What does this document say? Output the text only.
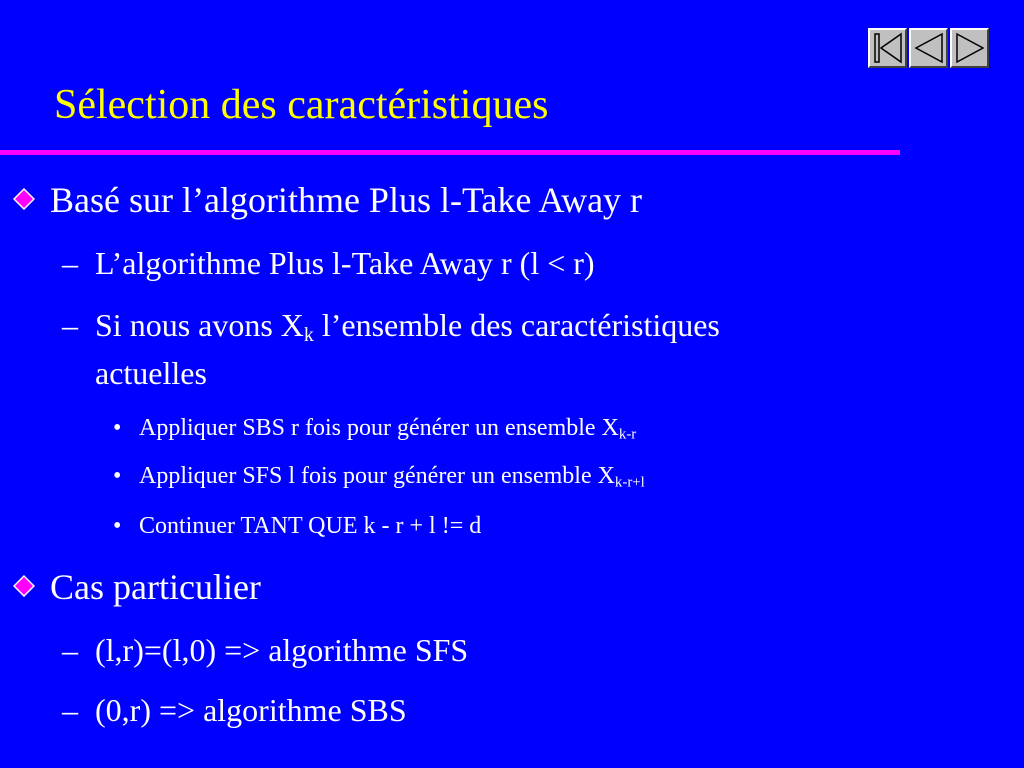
Sélection des caractéristiques
Basé sur l’algorithme Plus l-Take Away r
– L’algorithme Plus l-Take Away r (l < r)
– Si nous avons $X_k$ l’ensemble des caractéristiques
actuelles
• Appliquer SBS r fois pour générer un ensemble $X_{k-r}$
• Appliquer SFS l fois pour générer un ensemble $X_{k-r+l}$
• Continuer TANT QUE k - r + l != d
Cas particulier
– (l,r)=(l,0) => algorithme SFS
– (0,r) => algorithme SBS
